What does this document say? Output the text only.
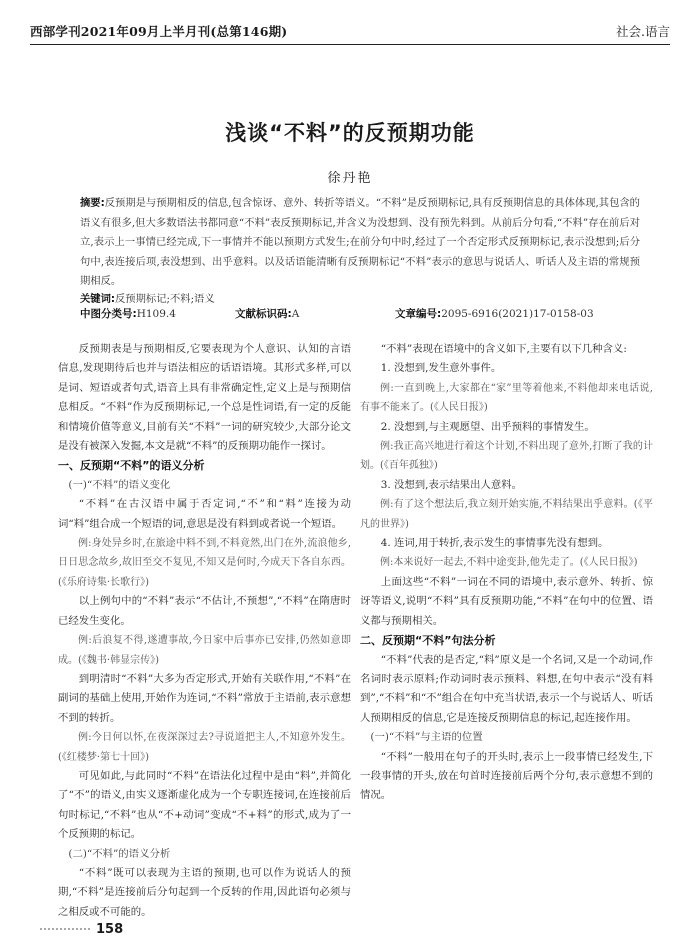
西部学刊2021年09月上半月刊(总第146期)	社会.语言
浅谈“不料”的反预期功能
徐丹艳
摘要:反预期是与预期相反的信息,包含惊讶、意外、转折等语义。“不料”是反预期标记,具有反预期信息的具体体现,其包含的语义有很多,但大多数语法书都同意“不料”表反预期标记,并含义为没想到、没有预先料到。从前后分句看,“不料”存在前后对立,表示上一事情已经完成,下一事情并不能以预期方式发生;在前分句中时,经过了一个否定形式反预期标记,表示没想到;后分句中,表连接后项,表没想到、出乎意料。以及话语能清晰有反预期标记“不料”表示的意思与说话人、听话人及主语的常规预期相反。
关键词:反预期标记;不料;语义
中图分类号:H109.4	文献标识码:A	文章编号:2095-6916(2021)17-0158-03

反预期表是与预期相反,它要表现为个人意识、认知的言语信息,发现期待后也并与语法相应的话语语境。其形式多样,可以是词、短语或者句式,语音上具有非常确定性,定义上是与预期信息相反。“不料”作为反预期标记,一个总是性词语,有一定的反能和情境价值等意义,目前有关“不料”一词的研究较少,大部分论文是没有被深入发掘,本文是就“不料”的反预期功能作一探讨。

一、反预期“不料”的语义分析
(一)“不料”的语义变化

“不料”在古汉语中属于否定词,“不”和“料”连接为动词“料”组合成一个短语的词,意思是没有料到或者说一个短语。

例:身处异乡时,在旅途中料不到,不料竟然,出门在外,流浪他乡,日日思念故乡,故旧至交不复见,不知又是何时,今成天下各自东西。(《乐府诗集·长歌行》)

以上例句中的“不料”表示“不估计,不预想”,“不料”在隋唐时已经发生变化。

例:后浪复不得,遂遭事故,今日家中后事亦已安排,仍然如意即成。(《魏书·韩显宗传》)

到明清时“不料”大多为否定形式,开始有关联作用,“不料”在副词的基础上使用,开始作为连词,“不料”常放于主语前,表示意想不到的转折。

例:今日何以怀,在夜深深过去?寻说道把主人,不知意外发生。(《红楼梦·第七十回》)

可见如此,与此同时“不料”在语法化过程中是由“料”,并简化了“不”的语义,由实义逐渐虚化成为一个专职连接词,在连接前后句时标记,“不料”也从“不+动词”变成“不+料”的形式,成为了一个反预期的标记。

(二)“不料”的语义分析

“不料”既可以表现为主语的预期,也可以作为说话人的预期,“不料”是连接前后分句起到一个反转的作用,因此语句必须与之相反或不可能的。

“不料”表现在语境中的含义如下,主要有以下几种含义:

1. 没想到,发生意外事件。

例:一直到晚上,大家都在“家”里等着他来,不料他却来电话说,有事不能来了。(《人民日报》)

2. 没想到,与主观愿望、出乎预料的事情发生。

例:我正高兴地进行着这个计划,不料出现了意外,打断了我的计划。(《百年孤独》)

3. 没想到,表示结果出人意料。

例:有了这个想法后,我立刻开始实施,不料结果出乎意料。(《平凡的世界》)

4. 连词,用于转折,表示发生的事情事先没有想到。

例:本来说好一起去,不料中途变卦,他先走了。(《人民日报》)

上面这些“不料”一词在不同的语境中,表示意外、转折、惊讶等语义,说明“不料”具有反预期功能,“不料”在句中的位置、语义都与预期相关。

二、反预期“不料”句法分析

“不料”代表的是否定,“料”原义是一个名词,又是一个动词,作名词时表示原料;作动词时表示预料、料想,在句中表示“没有料到”,“不料”和“不”组合在句中充当状语,表示一个与说话人、听话人预期相反的信息,它是连接反预期信息的标记,起连接作用。

(一)“不料”与主语的位置

“不料”一般用在句子的开头时,表示上一段事情已经发生,下一段事情的开头,放在句首时连接前后两个分句,表示意想不到的情况。

158
